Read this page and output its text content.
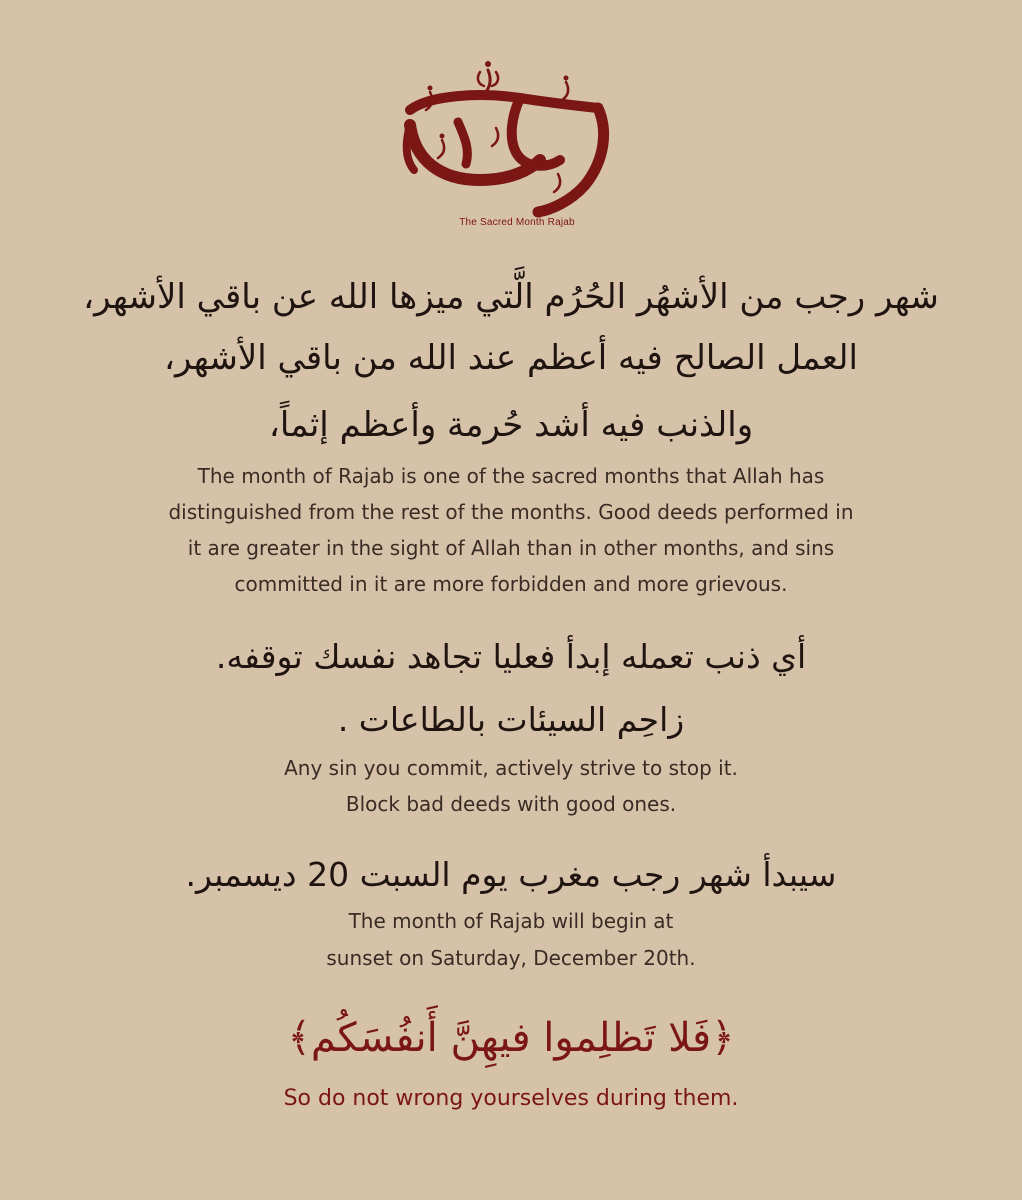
The Sacred Month Rajab
شهر رجب من الأشهُر الحُرُم الَّتي ميزها الله عن باقي الأشهر،
العمل الصالح فيه أعظم عند الله من باقي الأشهر،
والذنب فيه أشد حُرمة وأعظم إثماً،
The month of Rajab is one of the sacred months that Allah has
distinguished from the rest of the months. Good deeds performed in
it are greater in the sight of Allah than in other months, and sins
committed in it are more forbidden and more grievous.
أي ذنب تعمله إبدأ فعليا تجاهد نفسك توقفه.
زاحِم السيئات بالطاعات .
Any sin you commit, actively strive to stop it.
Block bad deeds with good ones.
سيبدأ شهر رجب مغرب يوم السبت 20 ديسمبر.
The month of Rajab will begin at
sunset on Saturday, December 20th.
﴿فَلا تَظلِموا فيهِنَّ أَنفُسَكُم﴾
So do not wrong yourselves during them.
